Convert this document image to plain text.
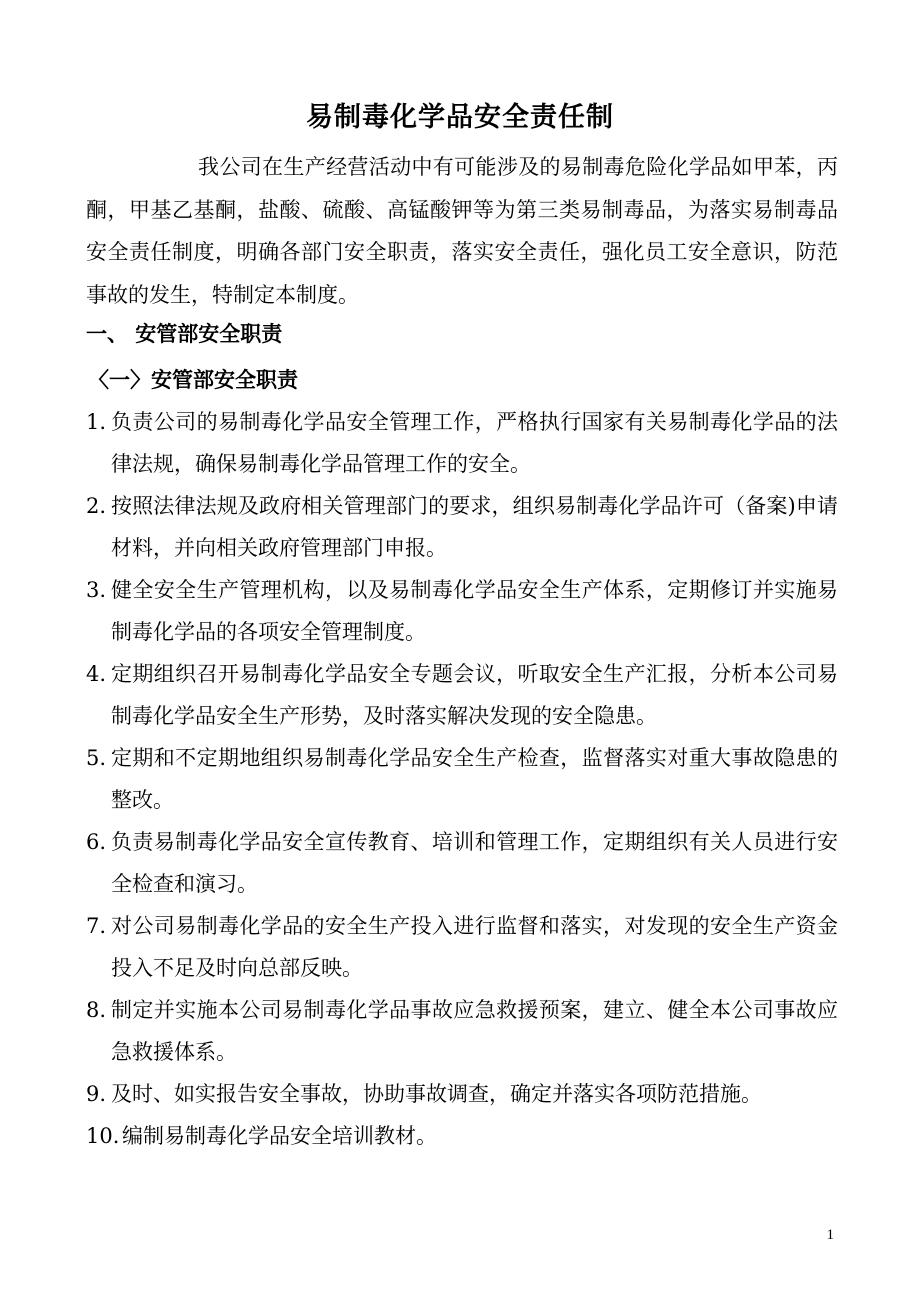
易制毒化学品安全责任制

我公司在生产经营活动中有可能涉及的易制毒危险化学品如甲苯，丙酮，甲基乙基酮，盐酸、硫酸、高锰酸钾等为第三类易制毒品，为落实易制毒品安全责任制度，明确各部门安全职责，落实安全责任，强化员工安全意识，防范事故的发生，特制定本制度。

一、 安管部安全职责
〈一〉安管部安全职责
1. 负责公司的易制毒化学品安全管理工作，严格执行国家有关易制毒化学品的法律法规，确保易制毒化学品管理工作的安全。
2. 按照法律法规及政府相关管理部门的要求，组织易制毒化学品许可（备案)申请材料，并向相关政府管理部门申报。
3. 健全安全生产管理机构，以及易制毒化学品安全生产体系，定期修订并实施易制毒化学品的各项安全管理制度。
4. 定期组织召开易制毒化学品安全专题会议，听取安全生产汇报，分析本公司易制毒化学品安全生产形势，及时落实解决发现的安全隐患。
5. 定期和不定期地组织易制毒化学品安全生产检查，监督落实对重大事故隐患的整改。
6. 负责易制毒化学品安全宣传教育、培训和管理工作，定期组织有关人员进行安全检查和演习。
7. 对公司易制毒化学品的安全生产投入进行监督和落实，对发现的安全生产资金投入不足及时向总部反映。
8. 制定并实施本公司易制毒化学品事故应急救援预案，建立、健全本公司事故应急救援体系。
9. 及时、如实报告安全事故，协助事故调查，确定并落实各项防范措施。
10. 编制易制毒化学品安全培训教材。
1
